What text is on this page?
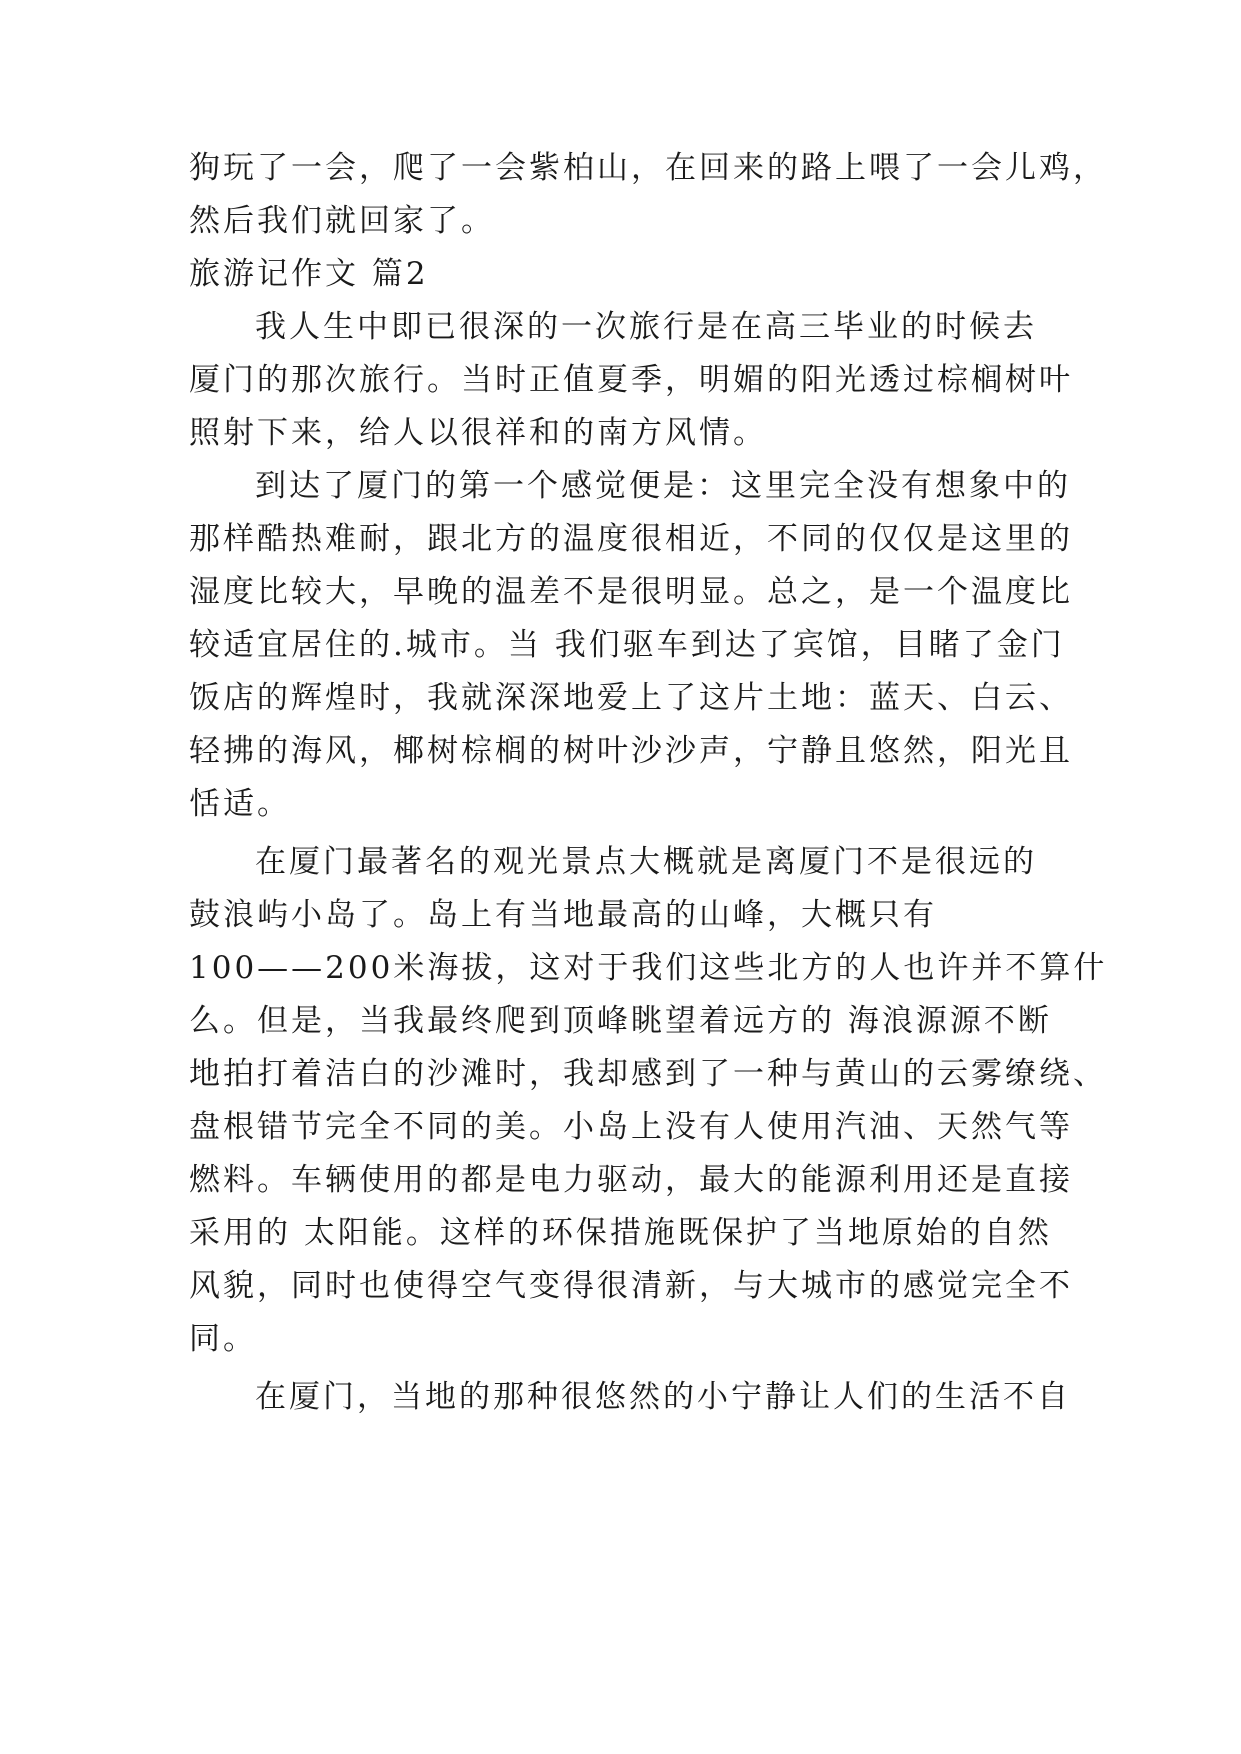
狗玩了一会，爬了一会紫柏山，在回来的路上喂了一会儿鸡，
然后我们就回家了。
旅游记作文 篇2
我人生中即已很深的一次旅行是在高三毕业的时候去
厦门的那次旅行。当时正值夏季，明媚的阳光透过棕榈树叶
照射下来，给人以很祥和的南方风情。
到达了厦门的第一个感觉便是：这里完全没有想象中的
那样酷热难耐，跟北方的温度很相近，不同的仅仅是这里的
湿度比较大，早晚的温差不是很明显。总之，是一个温度比
较适宜居住的.城市。当 我们驱车到达了宾馆，目睹了金门
饭店的辉煌时，我就深深地爱上了这片土地：蓝天、白云、
轻拂的海风，椰树棕榈的树叶沙沙声，宁静且悠然，阳光且
恬适。
在厦门最著名的观光景点大概就是离厦门不是很远的
鼓浪屿小岛了。岛上有当地最高的山峰，大概只有
100——200米海拔，这对于我们这些北方的人也许并不算什
么。但是，当我最终爬到顶峰眺望着远方的 海浪源源不断
地拍打着洁白的沙滩时，我却感到了一种与黄山的云雾缭绕、
盘根错节完全不同的美。小岛上没有人使用汽油、天然气等
燃料。车辆使用的都是电力驱动，最大的能源利用还是直接
采用的 太阳能。这样的环保措施既保护了当地原始的自然
风貌，同时也使得空气变得很清新，与大城市的感觉完全不
同。
在厦门，当地的那种很悠然的小宁静让人们的生活不自
